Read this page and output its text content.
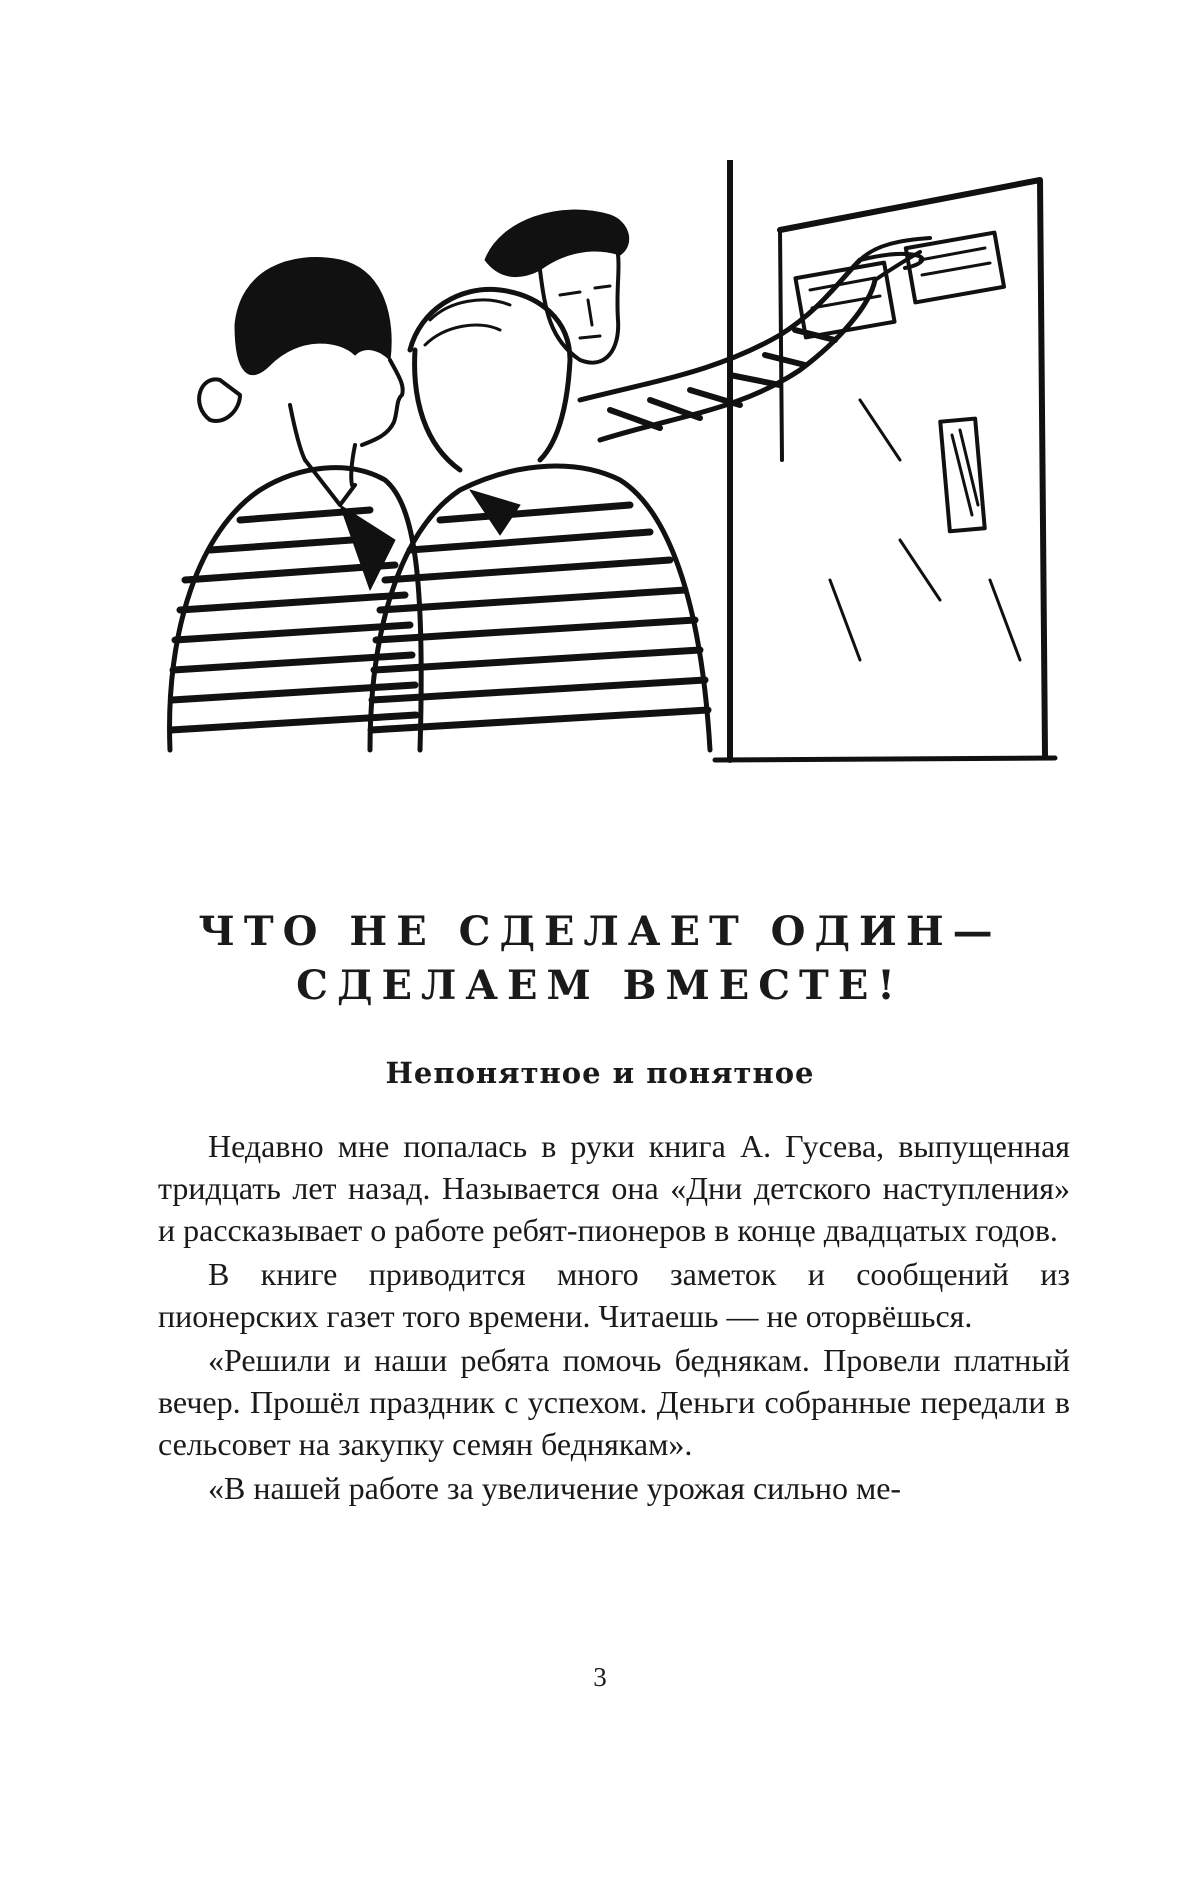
ЧТО НЕ СДЕЛАЕТ ОДИН—
СДЕЛАЕМ ВМЕСТЕ!
Непонятное и понятное

Недавно мне попалась в руки книга А. Гусева, выпущенная тридцать лет назад. Называется она «Дни детского наступления» и рассказывает о работе ребят-пионеров в конце двадцатых годов.

В книге приводится много заметок и сообщений из пионерских газет того времени. Читаешь — не оторвёшься.

«Решили и наши ребята помочь беднякам. Провели платный вечер. Прошёл праздник с успехом. Деньги собранные передали в сельсовет на закупку семян беднякам».

«В нашей работе за увеличение урожая сильно ме-

3
